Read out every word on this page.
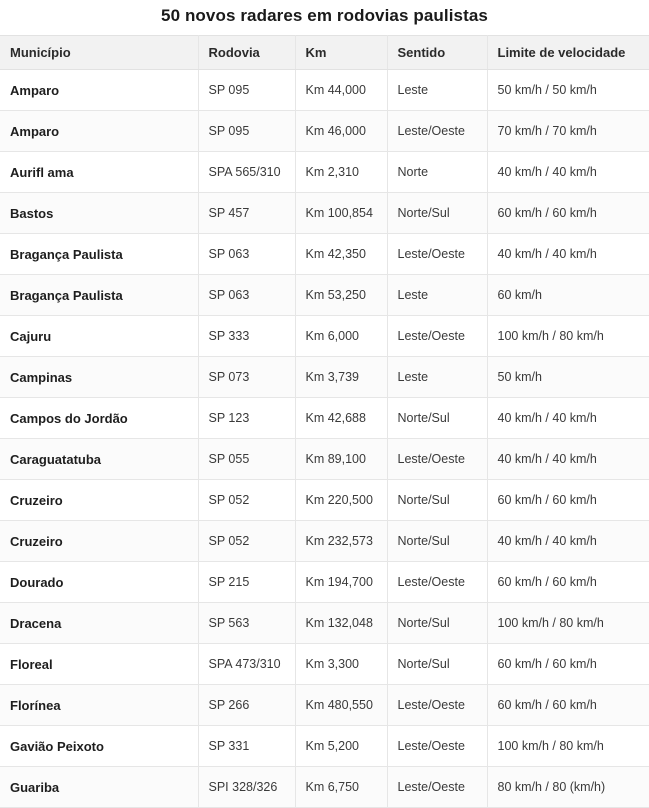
50 novos radares em rodovias paulistas
Município	Rodovia	Km	Sentido	Limite de velocidade
Amparo	SP 095	Km 44,000	Leste	50 km/h / 50 km/h
Amparo	SP 095	Km 46,000	Leste/Oeste	70 km/h / 70 km/h
Aurifl ama	SPA 565/310	Km 2,310	Norte	40 km/h / 40 km/h
Bastos	SP 457	Km 100,854	Norte/Sul	60 km/h / 60 km/h
Bragança Paulista	SP 063	Km 42,350	Leste/Oeste	40 km/h / 40 km/h
Bragança Paulista	SP 063	Km 53,250	Leste	60 km/h
Cajuru	SP 333	Km 6,000	Leste/Oeste	100 km/h / 80 km/h
Campinas	SP 073	Km 3,739	Leste	50 km/h
Campos do Jordão	SP 123	Km 42,688	Norte/Sul	40 km/h / 40 km/h
Caraguatatuba	SP 055	Km 89,100	Leste/Oeste	40 km/h / 40 km/h
Cruzeiro	SP 052	Km 220,500	Norte/Sul	60 km/h / 60 km/h
Cruzeiro	SP 052	Km 232,573	Norte/Sul	40 km/h / 40 km/h
Dourado	SP 215	Km 194,700	Leste/Oeste	60 km/h / 60 km/h
Dracena	SP 563	Km 132,048	Norte/Sul	100 km/h / 80 km/h
Floreal	SPA 473/310	Km 3,300	Norte/Sul	60 km/h / 60 km/h
Florínea	SP 266	Km 480,550	Leste/Oeste	60 km/h / 60 km/h
Gavião Peixoto	SP 331	Km 5,200	Leste/Oeste	100 km/h / 80 km/h
Guariba	SPI 328/326	Km 6,750	Leste/Oeste	80 km/h / 80 (km/h)
